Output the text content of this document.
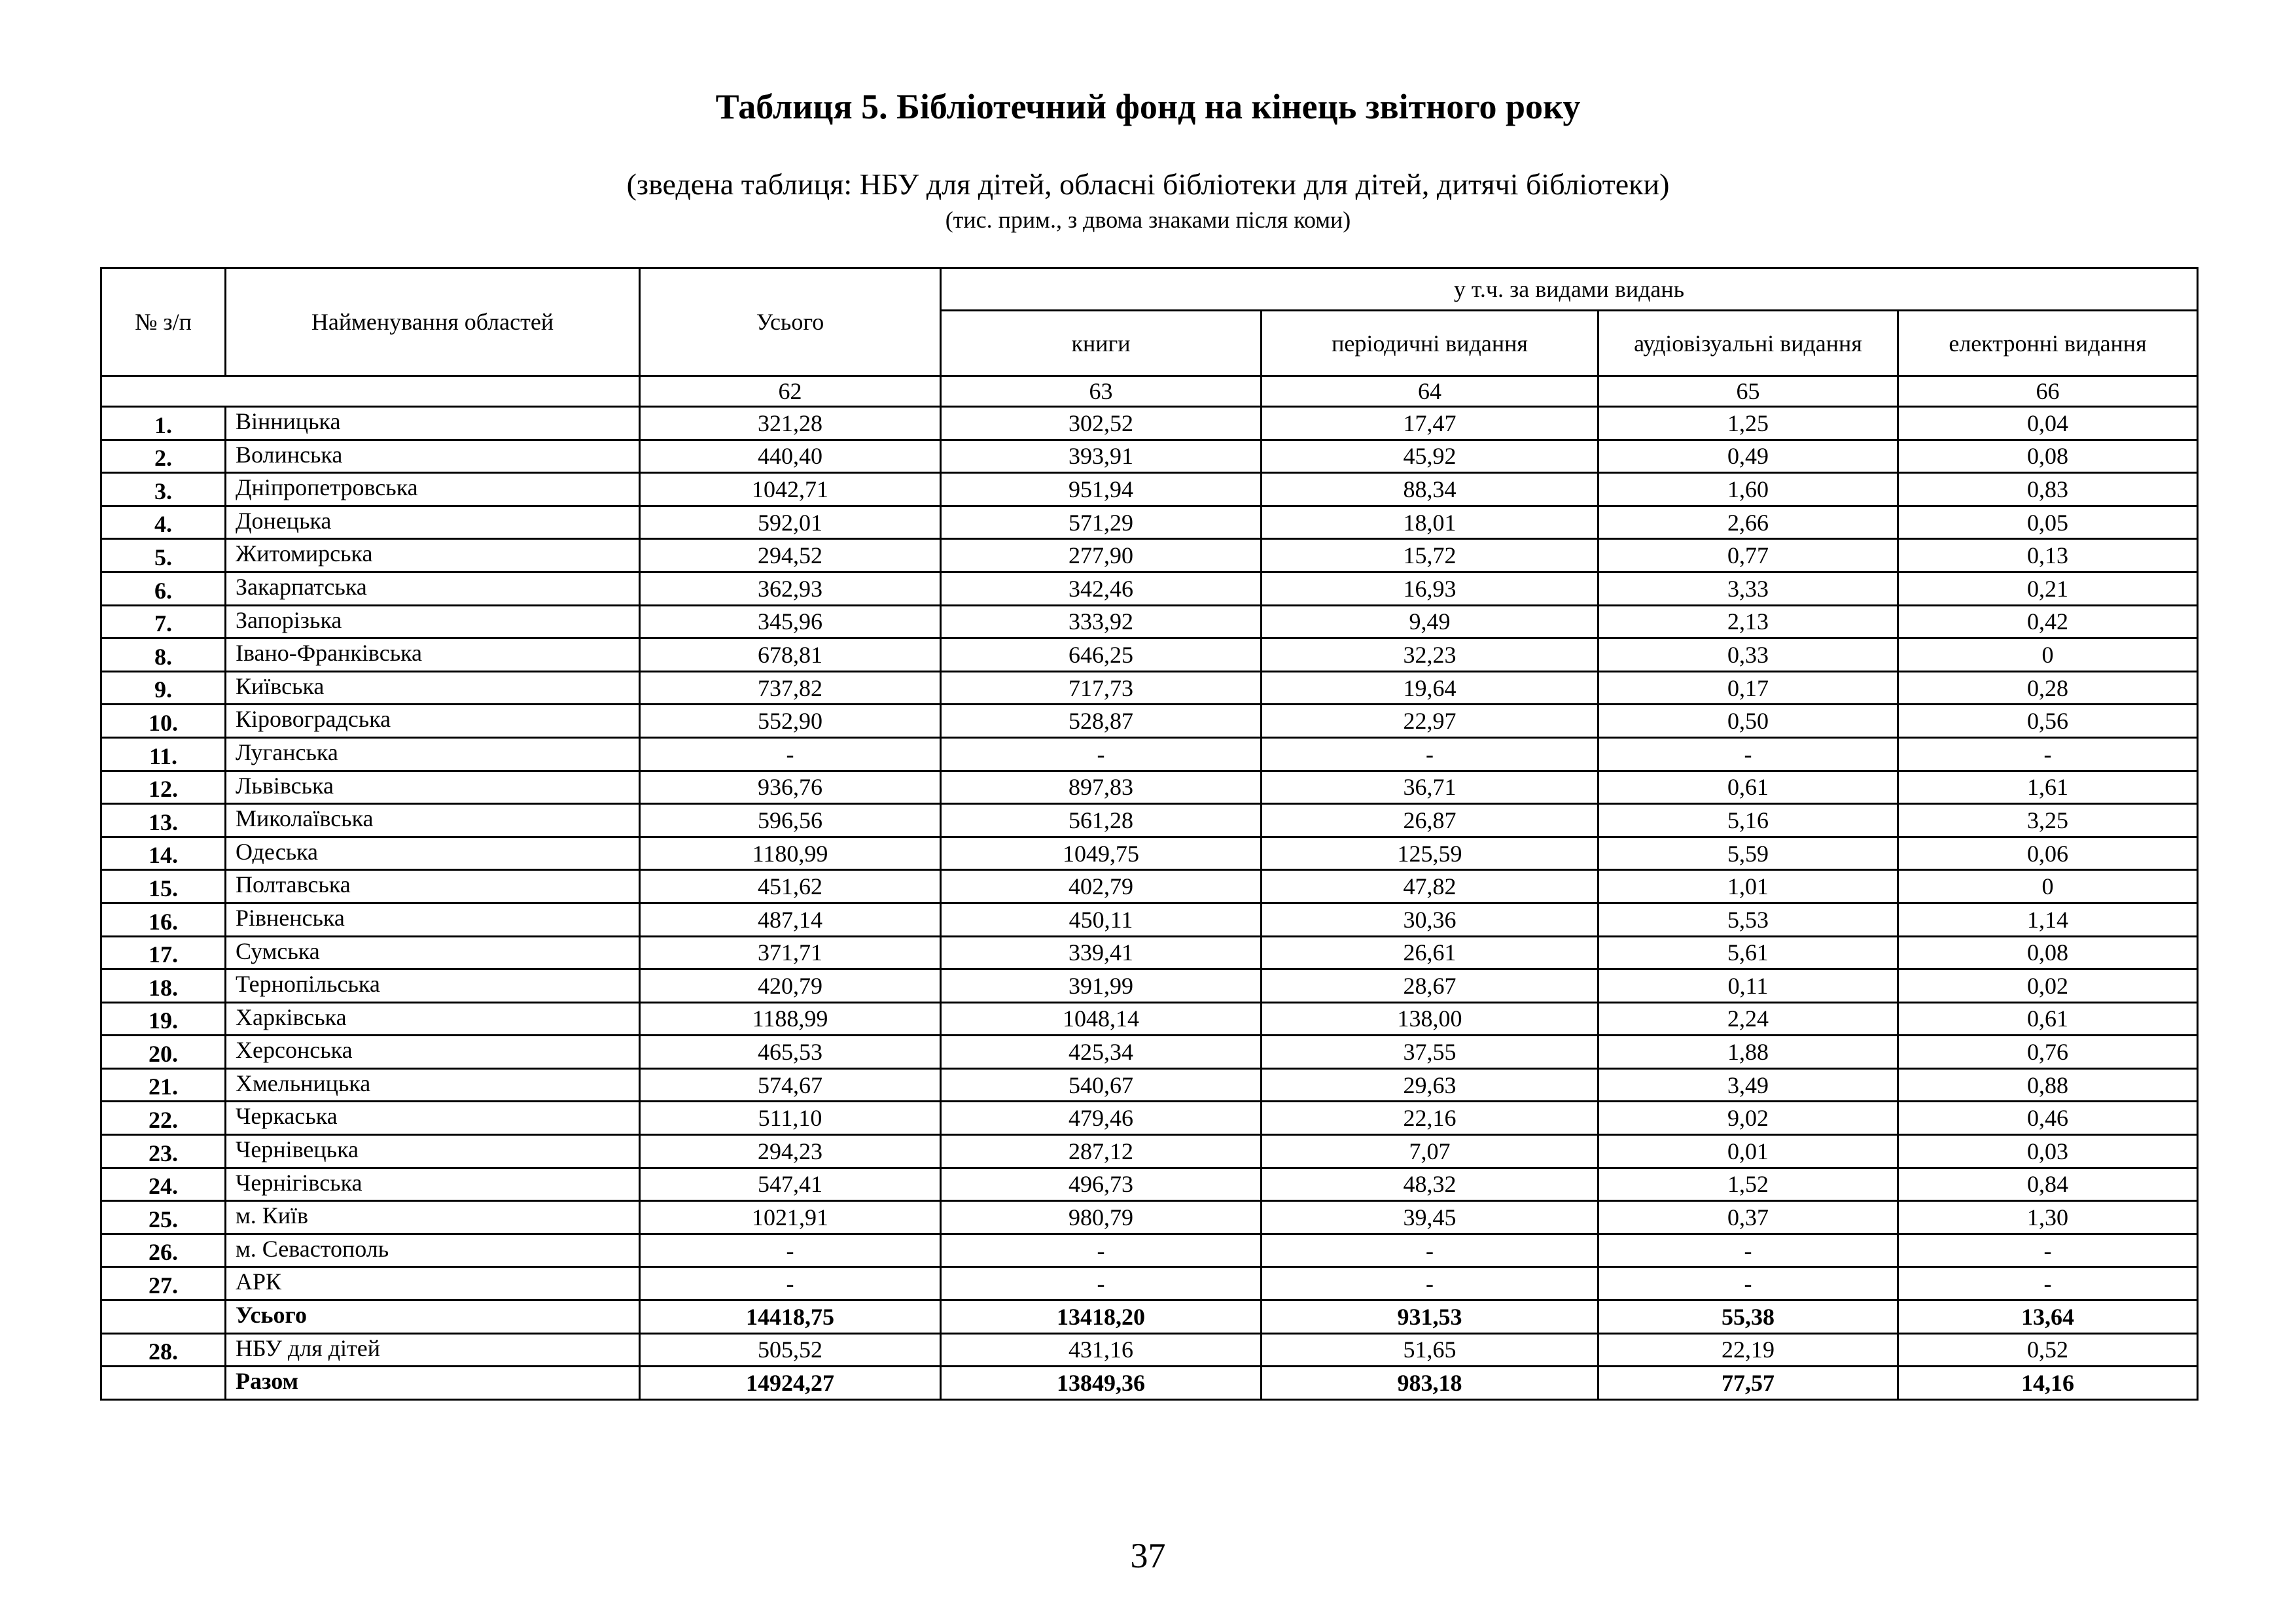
Таблиця 5. Бібліотечний фонд на кінець звітного року
(зведена таблиця: НБУ для дітей, обласні бібліотеки для дітей, дитячі бібліотеки)
(тис. прим., з двома знаками після коми)
№ з/п	Найменування областей	Усього	у т.ч. за видами видань			
			книги	періодичні видання	аудіовізуальні видання	електронні видання
		62	63	64	65	66
1.	Вінницька	321,28	302,52	17,47	1,25	0,04
2.	Волинська	440,40	393,91	45,92	0,49	0,08
3.	Дніпропетровська	1042,71	951,94	88,34	1,60	0,83
4.	Донецька	592,01	571,29	18,01	2,66	0,05
5.	Житомирська	294,52	277,90	15,72	0,77	0,13
6.	Закарпатська	362,93	342,46	16,93	3,33	0,21
7.	Запорізька	345,96	333,92	9,49	2,13	0,42
8.	Івано-Франківська	678,81	646,25	32,23	0,33	0
9.	Київська	737,82	717,73	19,64	0,17	0,28
10.	Кіровоградська	552,90	528,87	22,97	0,50	0,56
11.	Луганська	-	-	-	-	-
12.	Львівська	936,76	897,83	36,71	0,61	1,61
13.	Миколаївська	596,56	561,28	26,87	5,16	3,25
14.	Одеська	1180,99	1049,75	125,59	5,59	0,06
15.	Полтавська	451,62	402,79	47,82	1,01	0
16.	Рівненська	487,14	450,11	30,36	5,53	1,14
17.	Сумська	371,71	339,41	26,61	5,61	0,08
18.	Тернопільська	420,79	391,99	28,67	0,11	0,02
19.	Харківська	1188,99	1048,14	138,00	2,24	0,61
20.	Херсонська	465,53	425,34	37,55	1,88	0,76
21.	Хмельницька	574,67	540,67	29,63	3,49	0,88
22.	Черкаська	511,10	479,46	22,16	9,02	0,46
23.	Чернівецька	294,23	287,12	7,07	0,01	0,03
24.	Чернігівська	547,41	496,73	48,32	1,52	0,84
25.	м. Київ	1021,91	980,79	39,45	0,37	1,30
26.	м. Севастополь	-	-	-	-	-
27.	АРК	-	-	-	-	-
	Усього	14418,75	13418,20	931,53	55,38	13,64
28.	НБУ для дітей	505,52	431,16	51,65	22,19	0,52
	Разом	14924,27	13849,36	983,18	77,57	14,16
37
